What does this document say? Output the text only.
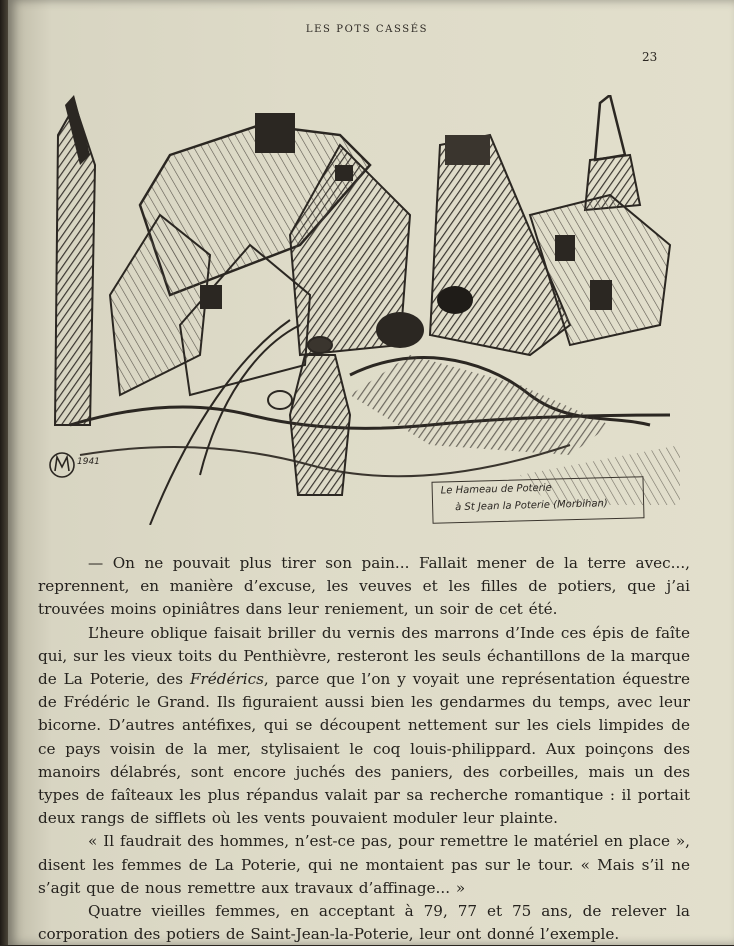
LES POTS CASSÉS
23
1941
Le Hameau de Poterie
à St Jean la Poterie (Morbihan)

— On ne pouvait plus tirer son pain... Fallait mener de la terre avec..., reprennent, en manière d’excuse, les veuves et les filles de potiers, que j’ai trouvées moins opiniâtres dans leur reniement, un soir de cet été.

L’heure oblique faisait briller du vernis des marrons d’Inde ces épis de faîte qui, sur les vieux toits du Penthièvre, resteront les seuls échantillons de la marque de La Poterie, des Frédérics, parce que l’on y voyait une représentation équestre de Frédéric le Grand. Ils figuraient aussi bien les gendarmes du temps, avec leur bicorne. D’autres antéfixes, qui se découpent nettement sur les ciels limpides de ce pays voisin de la mer, stylisaient le coq louis-philippard. Aux poinçons des manoirs délabrés, sont encore juchés des paniers, des corbeilles, mais un des types de faîteaux les plus répandus valait par sa recherche romantique : il portait deux rangs de sifflets où les vents pouvaient moduler leur plainte.

« Il faudrait des hommes, n’est-ce pas, pour remettre le matériel en place », disent les femmes de La Poterie, qui ne montaient pas sur le tour. « Mais s’il ne s’agit que de nous remettre aux travaux d’affinage... »

Quatre vieilles femmes, en acceptant à 79, 77 et 75 ans, de relever la corporation des potiers de Saint-Jean-la-Poterie, leur ont donné l’exemple.
